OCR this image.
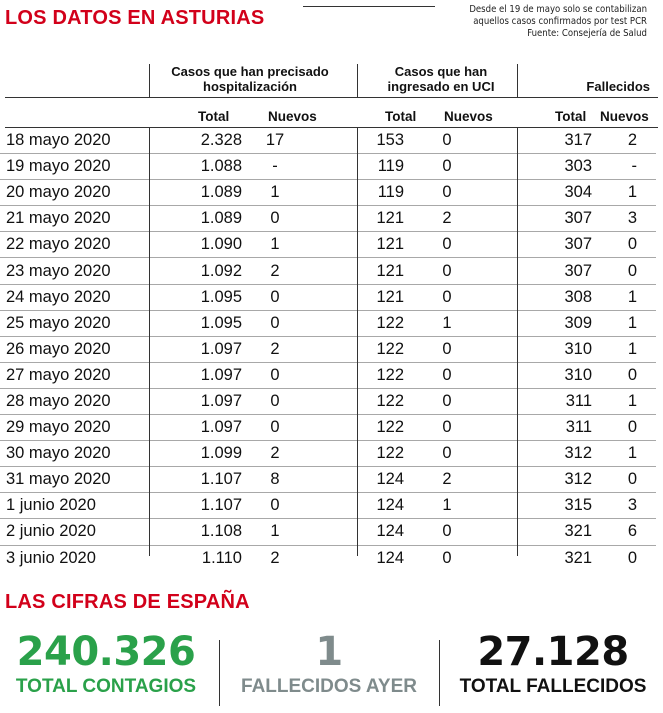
LOS DATOS EN ASTURIAS	Desde el 19 de mayo solo se contabilizan
aquellos casos confirmados por test PCR
Fuente: Consejería de Salud
Casos que han precisado
hospitalización
Casos que han
ingresado en UCI	Fallecidos
Total	Nuevos	Total Nuevos	Total Nuevos
18 mayo 2020	2.328	17		153	0		317	2
19 mayo 2020	1.088	-		119	0		303	-
20 mayo 2020	1.089	1		119	0		304	1
21 mayo 2020	1.089	0		121	2		307	3
22 mayo 2020	1.090	1		121	0		307	0
23 mayo 2020	1.092	2		121	0		307	0
24 mayo 2020	1.095	0		121	0		308	1
25 mayo 2020	1.095	0		122	1		309	1
26 mayo 2020	1.097	2		122	0		310	1
27 mayo 2020	1.097	0		122	0		310	0
28 mayo 2020	1.097	0		122	0		311	1
29 mayo 2020	1.097	0		122	0		311	0
30 mayo 2020	1.099	2		122	0		312	1
31 mayo 2020	1.107	8		124	2		312	0
1 junio 2020	1.107	0		124	1		315	3
2 junio 2020	1.108	1		124	0		321	6
3 junio 2020	1.110	2		124	0		321	0
LAS CIFRAS DE ESPAÑA
240.326
TOTAL CONTAGIOS
1
FALLECIDOS AYER
27.128
TOTAL FALLECIDOS
